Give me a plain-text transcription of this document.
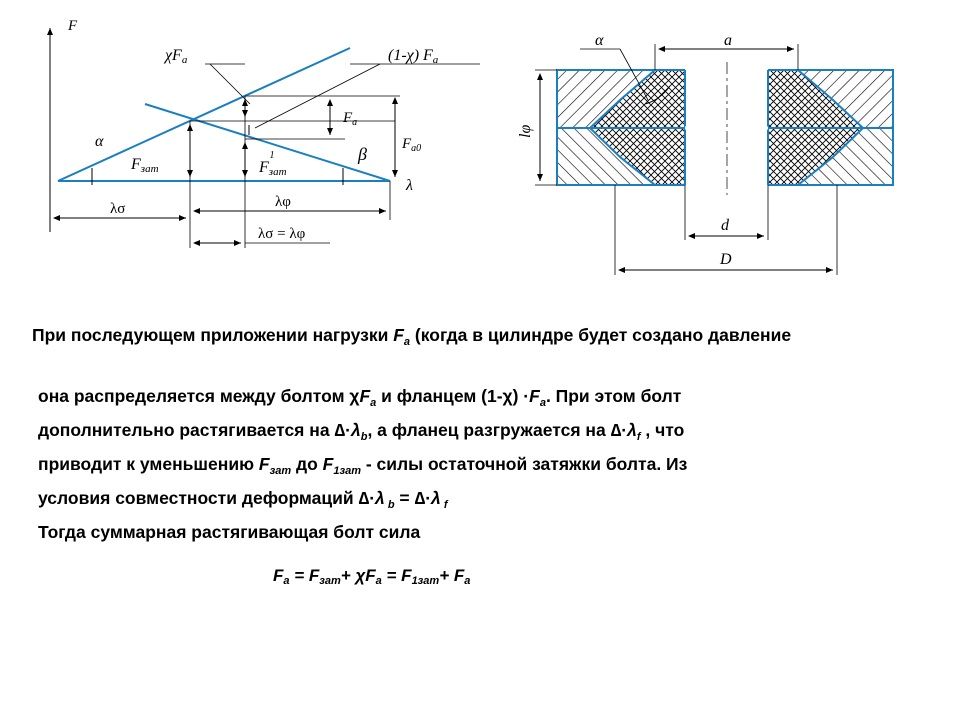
F
χFa	(1-χ) Fa
$F_a$
$F_{a0}$
α
β
Fзат	Fзат1
λ
λσ	λφ
λσ = λφ
α	a
lφ
d
D
При последующем приложении нагрузки $F_a$ (когда в цилиндре будет создано давление
она распределяется между болтом $\chi F_a$ и фланцем $(1-\chi) \cdot F_a$. При этом болт
дополнительно растягивается на $\Delta\cdot\lambda_b$, а фланец разгружается на $\Delta\cdot\lambda_f$ , что
приводит к уменьшению $F_{зат}$ до $F_{1зат}$ - силы остаточной затяжки болта. Из
условия совместности деформаций ∆·λ $_b$ = ∆·λ $_f$
Тогда суммарная растягивающая болт сила
$F_a = F_{зат}+ \chi F_a = F_{1зат}+ F_a$
